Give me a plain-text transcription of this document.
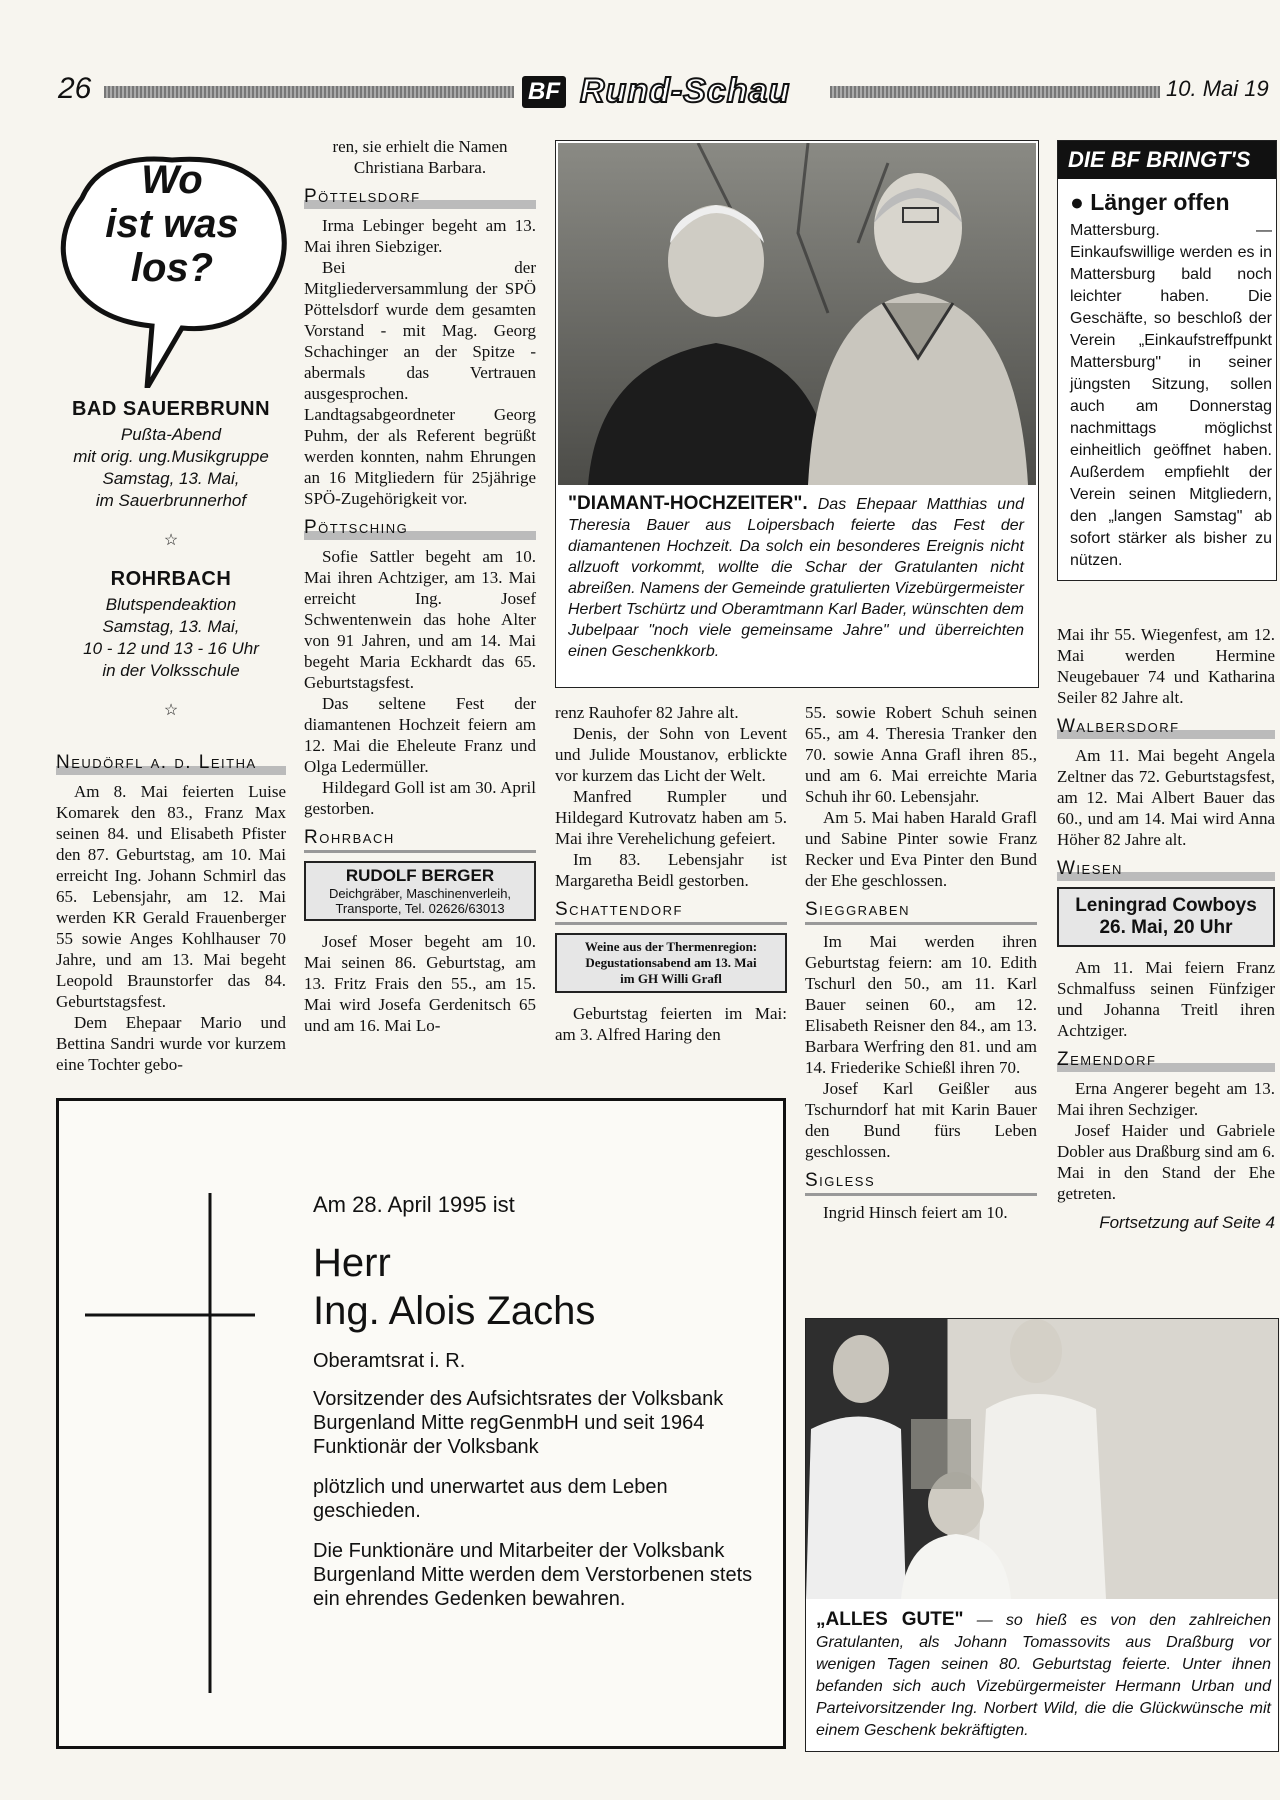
26	BF Rund-Schau	10. Mai 19
Wo
ist was
los?
BAD SAUERBRUNN
Pußta-Abend
mit orig. ung.Musikgruppe
Samstag, 13. Mai,
im Sauerbrunnerhof
☆
ROHRBACH
Blutspendeaktion
Samstag, 13. Mai,
10 - 12 und 13 - 16 Uhr
in der Volksschule
☆
Neudörfl a. d. Leitha

Am 8. Mai feierten Luise Komarek den 83., Franz Max seinen 84. und Elisabeth Pfister den 87. Geburtstag, am 10. Mai erreicht Ing. Johann Schmirl das 65. Lebensjahr, am 12. Mai werden KR Gerald Frauenberger 55 sowie Anges Kohlhauser 70 Jahre, und am 13. Mai begeht Leopold Braunstorfer das 84. Geburtstagsfest.

Dem Ehepaar Mario und Bettina Sandri wurde vor kurzem eine Tochter gebo-

ren, sie erhielt die Namen Christiana Barbara.

Pöttelsdorf

Irma Lebinger begeht am 13. Mai ihren Siebziger.

Bei der Mitgliederversammlung der SPÖ Pöttelsdorf wurde dem gesamten Vorstand - mit Mag. Georg Schachinger an der Spitze - abermals das Vertrauen ausgesprochen. Landtagsabgeordneter Georg Puhm, der als Referent begrüßt werden konnten, nahm Ehrungen an 16 Mitgliedern für 25jährige SPÖ-Zugehörigkeit vor.

Pöttsching

Sofie Sattler begeht am 10. Mai ihren Achtziger, am 13. Mai erreicht Ing. Josef Schwentenwein das hohe Alter von 91 Jahren, und am 14. Mai begeht Maria Eckhardt das 65. Geburtstagsfest.

Das seltene Fest der diamantenen Hochzeit feiern am 12. Mai die Eheleute Franz und Olga Ledermüller.

Hildegard Goll ist am 30. April gestorben.

Rohrbach
RUDOLF BERGER
Deichgräber, Maschinenverleih,
Transporte, Tel. 02626/63013

Josef Moser begeht am 10. Mai seinen 86. Geburtstag, am 13. Fritz Frais den 55., am 15. Mai wird Josefa Gerdenitsch 65 und am 16. Mai Lo-

"DIAMANT-HOCHZEITER". Das Ehepaar Matthias und Theresia Bauer aus Loipersbach feierte das Fest der diamantenen Hochzeit. Da solch ein besonderes Ereignis nicht allzuoft vorkommt, wollte die Schar der Gratulanten nicht abreißen. Namens der Gemeinde gratulierten Vizebürgermeister Herbert Tschürtz und Oberamtmann Karl Bader, wünschten dem Jubelpaar "noch viele gemeinsame Jahre" und überreichten einen Geschenkkorb.

renz Rauhofer 82 Jahre alt.

Denis, der Sohn von Levent und Julide Moustanov, erblickte vor kurzem das Licht der Welt.

Manfred Rumpler und Hildegard Kutrovatz haben am 5. Mai ihre Verehelichung gefeiert.

Im 83. Lebensjahr ist Margaretha Beidl gestorben.

Schattendorf
Weine aus der Thermenregion:
Degustationsabend am 13. Mai
im GH Willi Grafl

Geburtstag feierten im Mai: am 3. Alfred Haring den

55. sowie Robert Schuh seinen 65., am 4. Theresia Tranker den 70. sowie Anna Grafl ihren 85., und am 6. Mai erreichte Maria Schuh ihr 60. Lebensjahr.

Am 5. Mai haben Harald Grafl und Sabine Pinter sowie Franz Recker und Eva Pinter den Bund der Ehe geschlossen.

Sieggraben

Im Mai werden ihren Geburtstag feiern: am 10. Edith Tschurl den 50., am 11. Karl Bauer seinen 60., am 12. Elisabeth Reisner den 84., am 13. Barbara Werfring den 81. und am 14. Friederike Schießl ihren 70.

Josef Karl Geißler aus Tschurndorf hat mit Karin Bauer den Bund fürs Leben geschlossen.

Sigless

Ingrid Hinsch feiert am 10.

DIE BF BRINGT'S
● Länger offen
Mattersburg. — Einkaufswillige werden es in Mattersburg bald noch leichter haben. Die Geschäfte, so beschloß der Verein „Einkaufstreffpunkt Mattersburg" in seiner jüngsten Sitzung, sollen auch am Donnerstag nachmittags möglichst einheitlich geöffnet haben. Außerdem empfiehlt der Verein seinen Mitgliedern, den „langen Samstag" ab sofort stärker als bisher zu nützen.

Mai ihr 55. Wiegenfest, am 12. Mai werden Hermine Neugebauer 74 und Katharina Seiler 82 Jahre alt.

Walbersdorf

Am 11. Mai begeht Angela Zeltner das 72. Geburtstagsfest, am 12. Mai Albert Bauer das 60., und am 14. Mai wird Anna Höher 82 Jahre alt.

Wiesen
Leningrad Cowboys
26. Mai, 20 Uhr

Am 11. Mai feiern Franz Schmalfuss seinen Fünfziger und Johanna Treitl ihren Achtziger.

Zemendorf

Erna Angerer begeht am 13. Mai ihren Sechziger.

Josef Haider und Gabriele Dobler aus Draßburg sind am 6. Mai in den Stand der Ehe getreten.

Fortsetzung auf Seite 4

Am 28. April 1995 ist
Herr
Ing. Alois Zachs
Oberamtsrat i. R.
Vorsitzender des Aufsichtsrates der Volksbank Burgenland Mitte regGenmbH und seit 1964 Funktionär der Volksbank
plötzlich und unerwartet aus dem Leben geschieden.
Die Funktionäre und Mitarbeiter der Volksbank Burgenland Mitte werden dem Verstorbenen stets ein ehrendes Gedenken bewahren.
„ALLES GUTE" — so hieß es von den zahlreichen Gratulanten, als Johann Tomassovits aus Draßburg vor wenigen Tagen seinen 80. Geburtstag feierte. Unter ihnen befanden sich auch Vizebürgermeister Hermann Urban und Parteivorsitzender Ing. Norbert Wild, die die Glückwünsche mit einem Geschenk bekräftigten.
